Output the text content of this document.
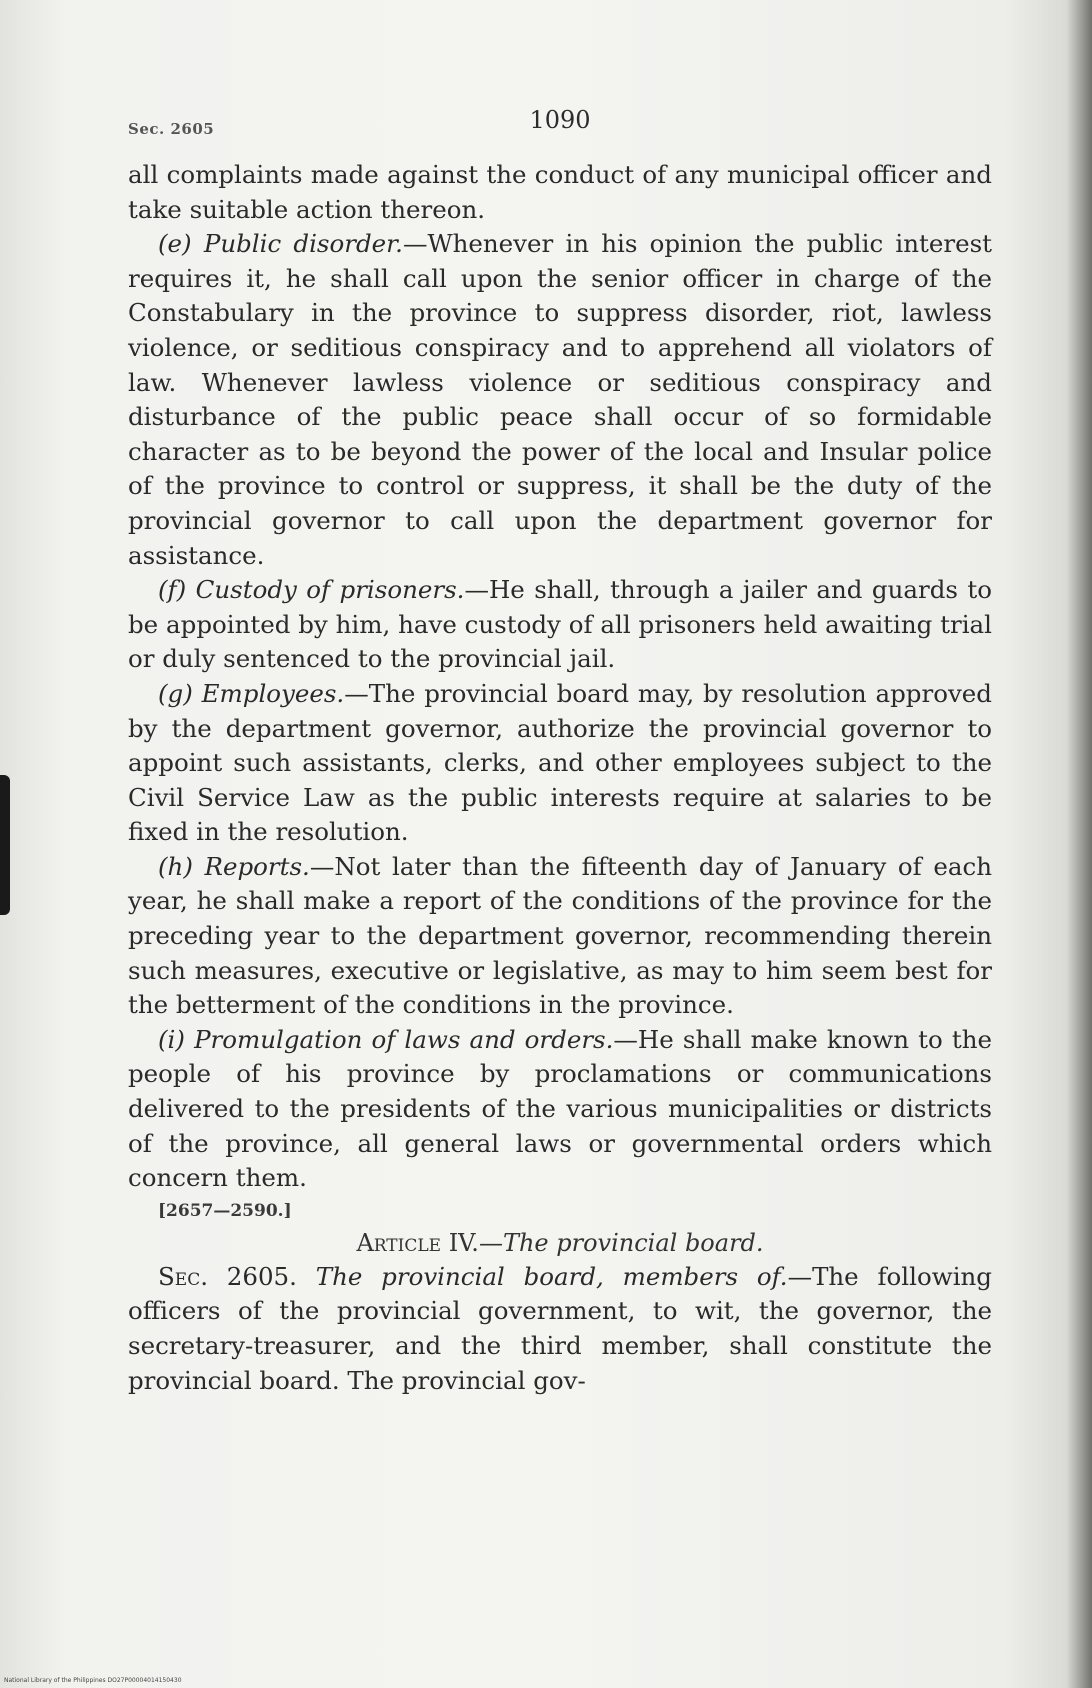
Sec. 2605	1090

all complaints made against the conduct of any municipal officer and take suitable action thereon.

(e) Public disorder.—Whenever in his opinion the public interest requires it, he shall call upon the senior officer in charge of the Constabulary in the province to suppress disorder, riot, lawless violence, or seditious conspiracy and to apprehend all violators of law. Whenever lawless violence or seditious conspiracy and disturbance of the public peace shall occur of so formidable character as to be beyond the power of the local and Insular police of the province to control or suppress, it shall be the duty of the provincial governor to call upon the department governor for assistance.

(f) Custody of prisoners.—He shall, through a jailer and guards to be appointed by him, have custody of all prisoners held awaiting trial or duly sentenced to the provincial jail.

(g) Employees.—The provincial board may, by resolution approved by the department governor, authorize the provincial governor to appoint such assistants, clerks, and other employees subject to the Civil Service Law as the public interests require at salaries to be fixed in the resolution.

(h) Reports.—Not later than the fifteenth day of January of each year, he shall make a report of the conditions of the province for the preceding year to the department governor, recommending therein such measures, executive or legislative, as may to him seem best for the betterment of the conditions in the province.

(i) Promulgation of laws and orders.—He shall make known to the people of his province by proclamations or communications delivered to the presidents of the various municipalities or districts of the province, all general laws or governmental orders which concern them.

[2657—2590.]

Article IV.—The provincial board.

Sec. 2605. The provincial board, members of.—The following officers of the provincial government, to wit, the governor, the secretary-treasurer, and the third member, shall constitute the provincial board. The provincial gov-

National Library of the Philippines DO27P00004014150430
